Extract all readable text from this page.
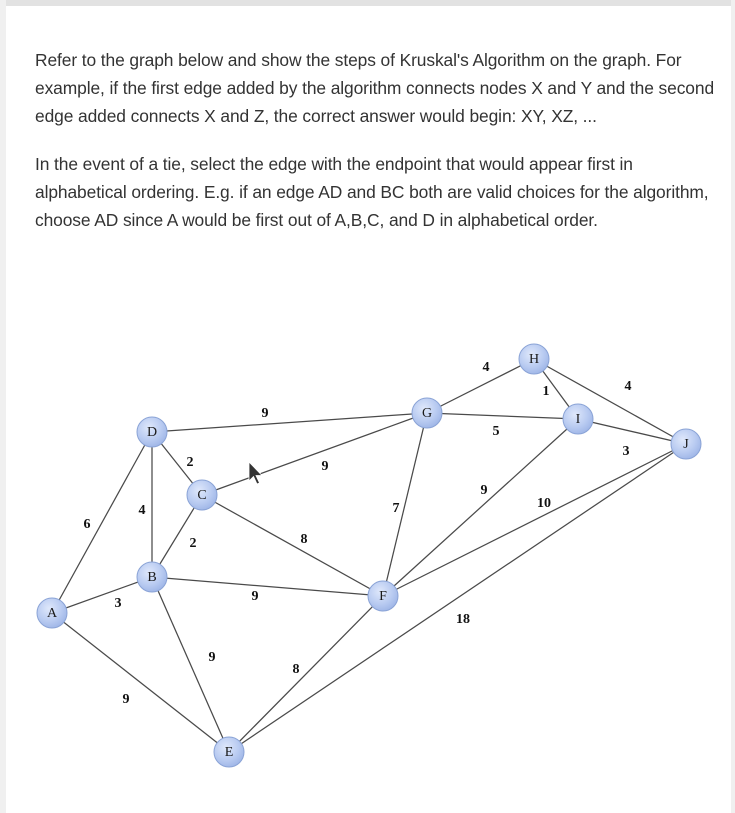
Refer to the graph below and show the steps of Kruskal's Algorithm on the graph. For example, if the first edge added by the algorithm connects nodes X and Y and the second edge added connects X and Z, the correct answer would begin: XY, XZ, ...

In the event of a tie, select the edge with the endpoint that would appear first in alphabetical ordering. E.g. if an edge AD and BC both are valid choices for the algorithm, choose AD since A would be first out of A,B,C, and D in alphabetical order.

6
3
9
4
2
9
2
9
8
9
9
8
18
7
9
10
4
5
1	4
3
A
B
C
D
E
F
G
H
I
J
